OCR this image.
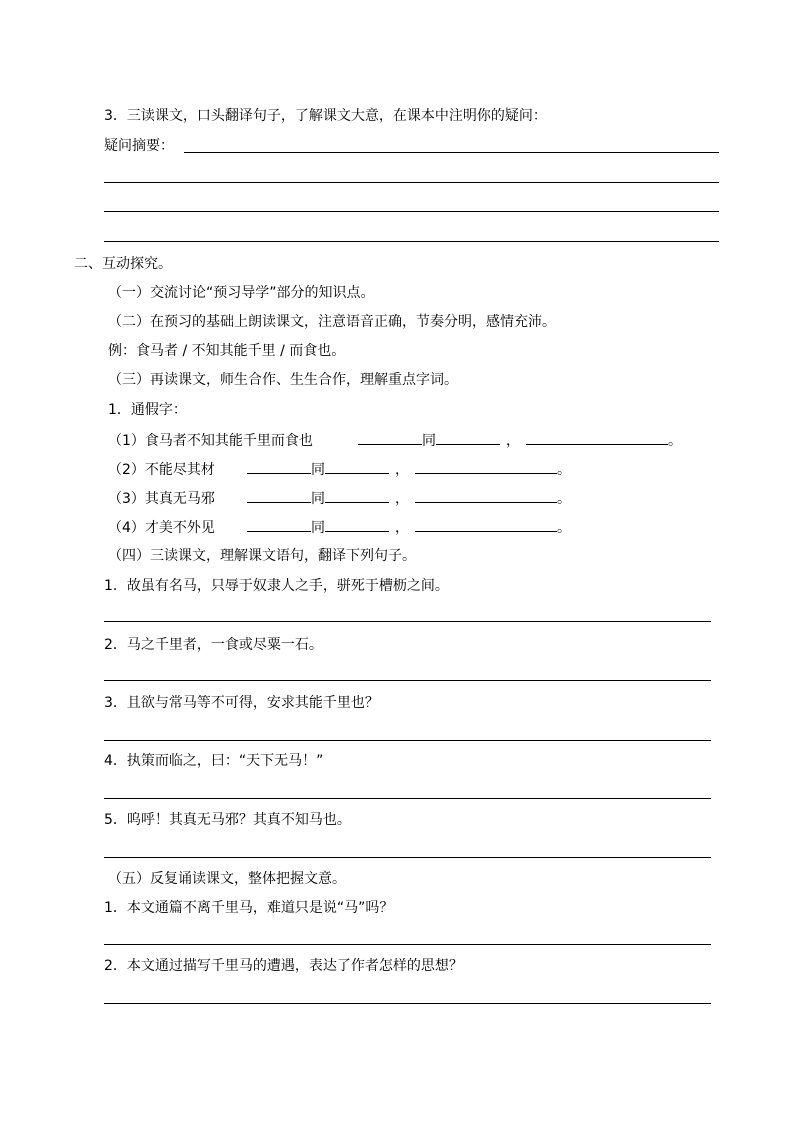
3．三读课文，口头翻译句子，了解课文大意，在课本中注明你的疑问：
疑问摘要：
二、互动探究。
（一）交流讨论“预习导学”部分的知识点。
（二）在预习的基础上朗读课文，注意语音正确，节奏分明，感情充沛。
例：食马者 / 不知其能千里 / 而食也。
（三）再读课文，师生合作、生生合作，理解重点字词。
1．通假字：
（1）食马者不知其能千里而食也	同	，	。
（2）不能尽其材	同	，	。
（3）其真无马邪	同	，	。
（4）才美不外见	同	，	。
（四）三读课文，理解课文语句，翻译下列句子。
1．故虽有名马，只辱于奴隶人之手，骈死于槽枥之间。
2．马之千里者，一食或尽粟一石。
3．且欲与常马等不可得，安求其能千里也？
4．执策而临之，曰：“天下无马！”
5．呜呼！其真无马邪？其真不知马也。
（五）反复诵读课文，整体把握文意。
1．本文通篇不离千里马，难道只是说“马”吗？
2．本文通过描写千里马的遭遇，表达了作者怎样的思想？
